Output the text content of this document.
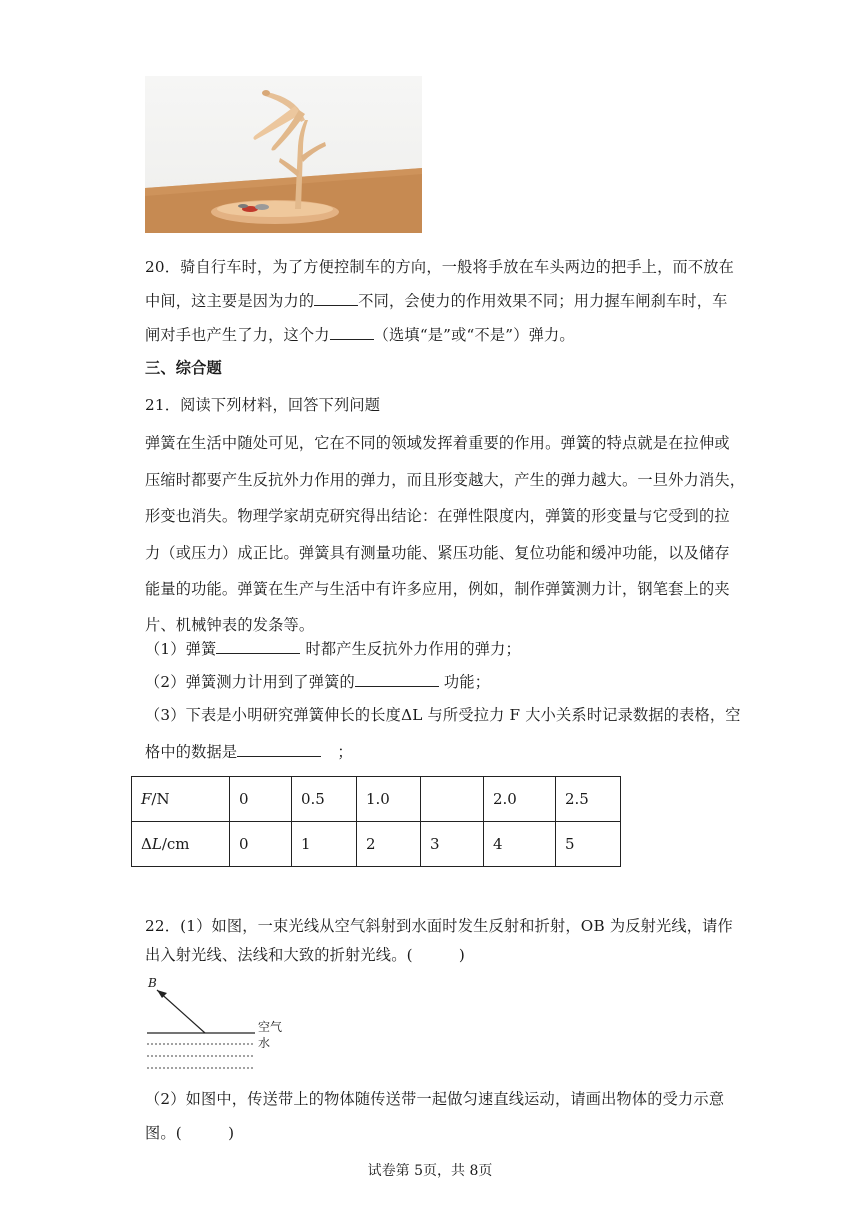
20．骑自行车时，为了方便控制车的方向，一般将手放在车头两边的把手上，而不放在
中间，这主要是因为力的	不同，会使力的作用效果不同；用力握车闸刹车时，车
闸对手也产生了力，这个力	（选填“是”或“不是”）弹力。
三、综合题
21．阅读下列材料，回答下列问题
弹簧在生活中随处可见，它在不同的领域发挥着重要的作用。弹簧的特点就是在拉伸或
压缩时都要产生反抗外力作用的弹力，而且形变越大，产生的弹力越大。一旦外力消失，
形变也消失。物理学家胡克研究得出结论：在弹性限度内，弹簧的形变量与它受到的拉
力（或压力）成正比。弹簧具有测量功能、紧压功能、复位功能和缓冲功能，以及储存
能量的功能。弹簧在生产与生活中有许多应用，例如，制作弹簧测力计，钢笔套上的夹
片、机械钟表的发条等。
（1）弹簧	时都产生反抗外力作用的弹力；
（2）弹簧测力计用到了弹簧的	功能；
（3）下表是小明研究弹簧伸长的长度ΔL 与所受拉力 F 大小关系时记录数据的表格，空
格中的数据是	；
F/N	0	0.5	1.0		2.0	2.5
ΔL/cm	0	1	2	3	4	5
22．(1）如图，一束光线从空气斜射到水面时发生反射和折射，OB 为反射光线，请作
出入射光线、法线和大致的折射光线。(　　　)
B
空气
水
（2）如图中，传送带上的物体随传送带一起做匀速直线运动，请画出物体的受力示意
图。(　　　)
试卷第 5页，共 8页
